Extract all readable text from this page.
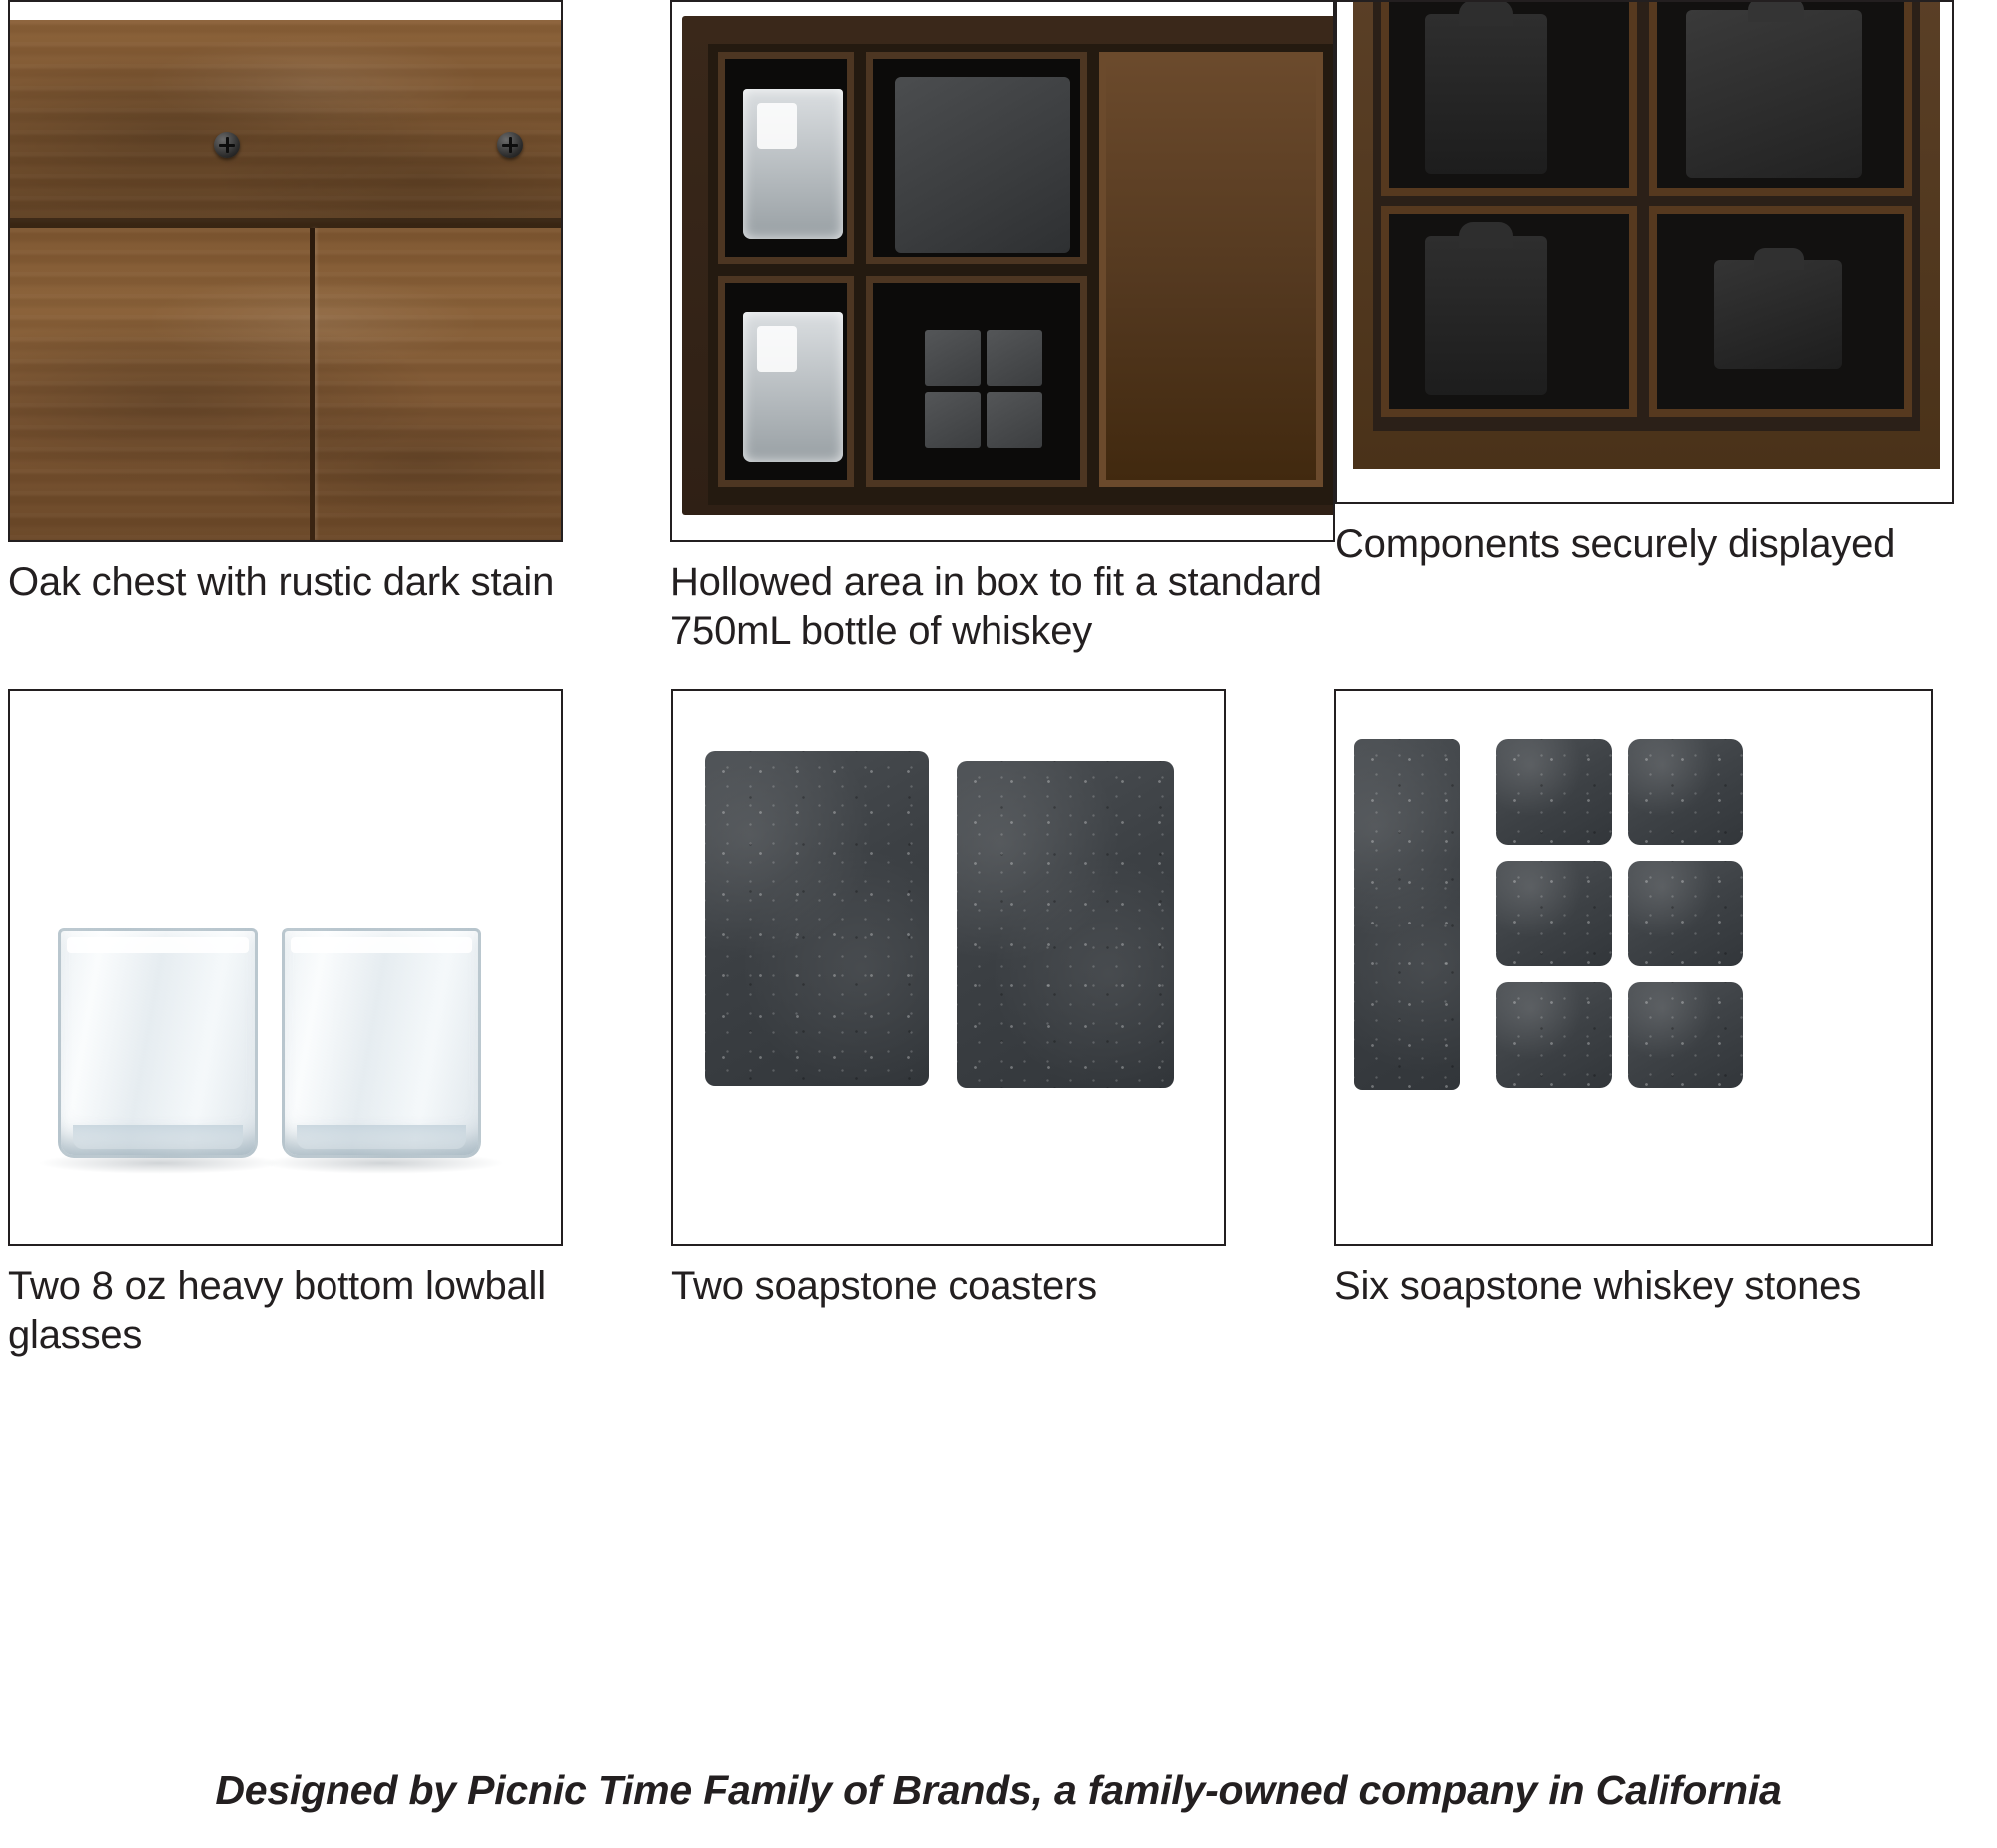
Oak chest with rustic dark stain	Hollowed area in box to fit a standard 750mL bottle of whiskey
Components securely displayed
Two 8 oz heavy bottom lowball glasses
Two soapstone coasters	Six soapstone whiskey stones
Designed by Picnic Time Family of Brands, a family-owned company in California
